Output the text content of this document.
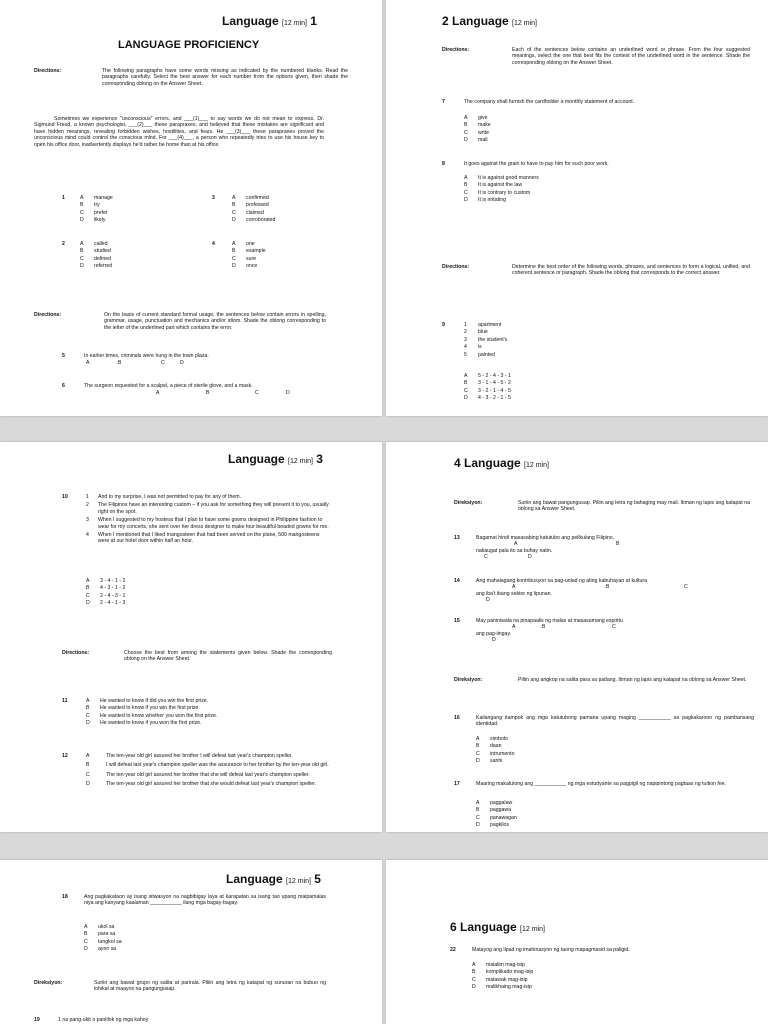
Language [12 min] 1
LANGUAGE PROFICIENCY
Directions:	The following paragraphs have some words missing as indicated by the numbered blanks. Read the paragraphs carefully. Select the best answer for each number from the options given, then shade the corresponding oblong on the Answer Sheet.
Sometimes we experience "unconscious" errors, and ___(1)___ to say words we do not mean to express. Dr. Sigmund Freud, a known psychologist, ___(2)___ these parapraxes, and believed that these mistakes are significant and have hidden meanings, revealing forbidden wishes, hostilities, and fears. He ___(3)___ these parapraxes proved the unconscious mind could control the conscious mind. For ___(4)___, a person who repeatedly tries to use his house key to open his office door, inadvertently displays he'd rather be home than at his office.
1	A manage
B try
C prefer
D likely
3	A confirmed
B professed
C claimed
D corroborated
2	A called
B studied
C defined
D referred
4	A one
B example
C sure
D once
Directions:	On the basis of current standard formal usage, the sentences below contain errors in spelling, grammar, usage, punctuation and mechanics and/or idiom. Shade the oblong corresponding to the letter of the underlined part which contains the error.
5	In earlier times, criminals were hung in the town plaza.
A	B	C	D
6	The surgeon requested for a scalpel, a piece of sterile glove, and a mask.
A	B	C	D
2 Language [12 min]
Directions:	Each of the sentences below contains an underlined word or phrase. From the four suggested meanings, select the one that best fits the context of the underlined word in the sentence. Shade the corresponding oblong on the Answer Sheet.
7	The company shall furnish the cardholder a monthly statement of account.
A give
B make
C write
D mail
8	It goes against the grain to have to pay him for such poor work.
A It is against good manners
B It is against the law
C It is contrary to custom
D It is irritating
Directions:	Determine the best order of the following words, phrases, and sentences to form a logical, unified, and coherent sentence or paragraph. Shade the oblong that corresponds to the correct answer.
9	1 apartment
2 blue
3 the student's
4 is
5 painted
A 5 - 2 - 4 - 3 - 1
B 3 - 1 - 4 - 5 - 2
C 3 - 2 - 1 - 4 - 5
D 4 - 3 - 2 - 1 - 5
Language [12 min] 3
10	1 And to my surprise, I was not permitted to pay for any of them.
2 The Filipinos have an interesting custom – if you ask for something they will present it to you, usually right on the spot.
3 When I suggested to my hostess that I plan to have some gowns designed in Philippine fashion to wear for my concerts, she sent over her dress designer to make four beautiful beaded gowns for me.
4 When I mentioned that I liked mangosteen that had been served on the plane, 500 mangosteens were at our hotel door within half an hour.
A 3 - 4 - 1 - 2
B 4 - 3 - 1 - 2
C 2 - 4 - 3 - 1
D 2 - 4 - 1 - 3
Directions:	Choose the best from among the statements given below. Shade the corresponding oblong on the Answer Sheet.
11	A He wanted to know if did you win the first prize.
B He wanted to know if you win the first prize.
C He wanted to know whether you won the first prize.
D He wanted to know if you won the first prize.
12	A	The ten-year old girl assured her brother I will defeat last year's champion speller.
B	I will defeat last year's champion speller was the assurance to her brother by the ten-year old girl.
C	The ten-year old girl assured her brother that she will defeat last year's champion speller.
D	The ten-year old girl assured her brother that she would defeat last year's champion speller.
4 Language [12 min]
Direksiyon:	Suriin ang bawat pangungusap. Piliin ang letra ng bahaging may mali. Itiman ng lapis ang katapat na oblong sa Answer Sheet.
13	Bagamat hindi masasabing katutubo ang pelikulang Filipino,
A	B
nakaugat pala ito sa buhay natin.
C	D
14	Ang mahalagang kontribusyon sa pag-unlad ng ating kabuhayan at kultura
A	B	C
ang iba't ibang sektor ng lipunan.
D
15	May paniniwala na pinapaalis ng malas at masasamang espiritu
A	B	C
ang pag-iingay.
D
Direksiyon:	Piliin ang angkop na salita para sa patlang. Itiman ng lapis ang katapat na oblong sa Answer Sheet.
16	Kailangang itampok ang mga katutubong pamana upang maging ___________ sa pagkakaroon ng pambansang identidad.
A simbolo
B daan
C intrumento
D sanhi
17	Maaring makatulong ang ___________ ng mga estudyante sa pagpigil ng napipintong pagtaas ng tuition fee.
A paggalaw
B paggawa
C panawagan
D pagkilos
Language [12 min] 5
18	Ang pagkakataon ay isang sitwasyon na nagbibigay laya at karapatan sa isang tao upang maipamalas niya ang kanyang kaalaman ___________ ilang mga bagay-bagay.
A ukol sa
B para sa
C tungkol sa
D ayon sa
Direksiyon:	Suriin ang bawat grupo ng salita at parirala. Piliin ang letra ng katapat ng sunuran na bubuo ng lohikal at maayos na pangungusap.
19	1 na pang-ukit o panlilok ng mga kahoy
6 Language [12 min]
22	Matayog ang lipad ng imahinasyon ng taong mapagmasid sa paligid.
A malalim mag-isip
B komplikado mag-isip
C malawak mag-isip
D malikhaing mag-isip
